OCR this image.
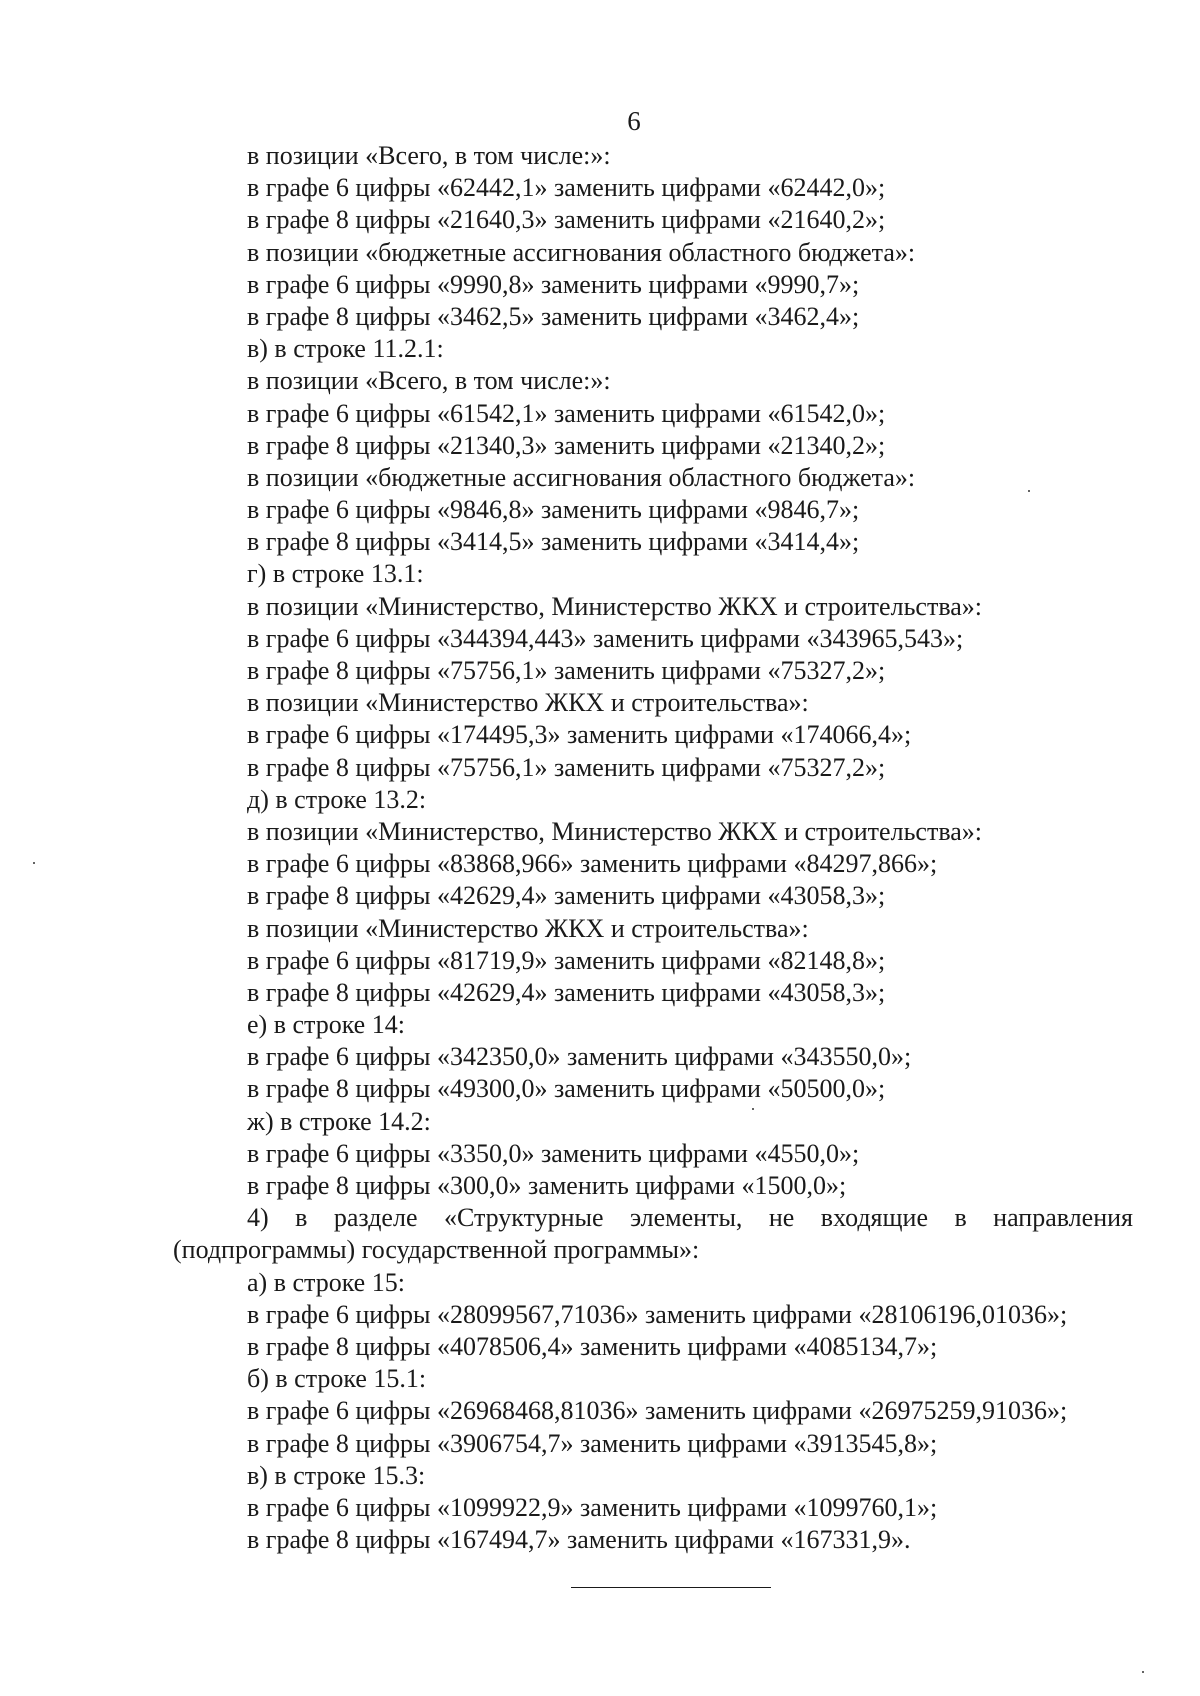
6
в позиции «Всего, в том числе:»:
в графе 6 цифры «62442,1» заменить цифрами «62442,0»;
в графе 8 цифры «21640,3» заменить цифрами «21640,2»;
в позиции «бюджетные ассигнования областного бюджета»:
в графе 6 цифры «9990,8» заменить цифрами «9990,7»;
в графе 8 цифры «3462,5» заменить цифрами «3462,4»;
в) в строке 11.2.1:
в позиции «Всего, в том числе:»:
в графе 6 цифры «61542,1» заменить цифрами «61542,0»;
в графе 8 цифры «21340,3» заменить цифрами «21340,2»;
в позиции «бюджетные ассигнования областного бюджета»:
в графе 6 цифры «9846,8» заменить цифрами «9846,7»;
в графе 8 цифры «3414,5» заменить цифрами «3414,4»;
г) в строке 13.1:
в позиции «Министерство, Министерство ЖКХ и строительства»:
в графе 6 цифры «344394,443» заменить цифрами «343965,543»;
в графе 8 цифры «75756,1» заменить цифрами «75327,2»;
в позиции «Министерство ЖКХ и строительства»:
в графе 6 цифры «174495,3» заменить цифрами «174066,4»;
в графе 8 цифры «75756,1» заменить цифрами «75327,2»;
д) в строке 13.2:
в позиции «Министерство, Министерство ЖКХ и строительства»:
в графе 6 цифры «83868,966» заменить цифрами «84297,866»;
в графе 8 цифры «42629,4» заменить цифрами «43058,3»;
в позиции «Министерство ЖКХ и строительства»:
в графе 6 цифры «81719,9» заменить цифрами «82148,8»;
в графе 8 цифры «42629,4» заменить цифрами «43058,3»;
е) в строке 14:
в графе 6 цифры «342350,0» заменить цифрами «343550,0»;
в графе 8 цифры «49300,0» заменить цифрами «50500,0»;
ж) в строке 14.2:
в графе 6 цифры «3350,0» заменить цифрами «4550,0»;
в графе 8 цифры «300,0» заменить цифрами «1500,0»;
4) в разделе «Структурные элементы, не входящие в направления
(подпрограммы) государственной программы»:
а) в строке 15:
в графе 6 цифры «28099567,71036» заменить цифрами «28106196,01036»;
в графе 8 цифры «4078506,4» заменить цифрами «4085134,7»;
б) в строке 15.1:
в графе 6 цифры «26968468,81036» заменить цифрами «26975259,91036»;
в графе 8 цифры «3906754,7» заменить цифрами «3913545,8»;
в) в строке 15.3:
в графе 6 цифры «1099922,9» заменить цифрами «1099760,1»;
в графе 8 цифры «167494,7» заменить цифрами «167331,9».
